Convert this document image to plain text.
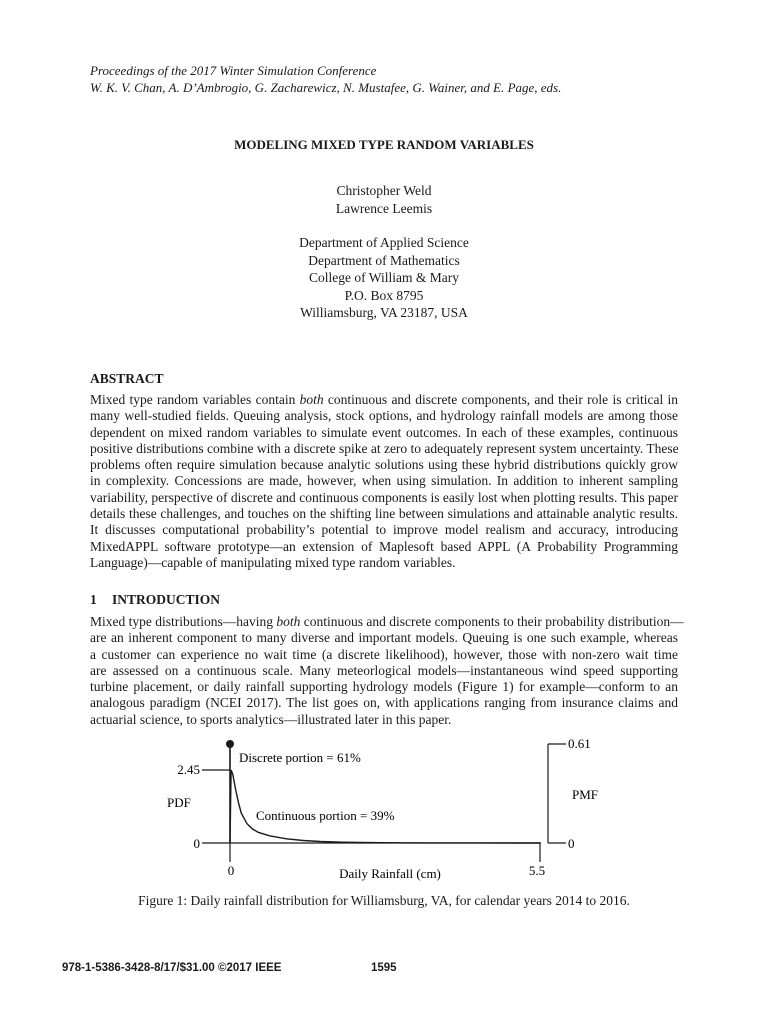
Proceedings of the 2017 Winter Simulation Conference
W. K. V. Chan, A. D’Ambrogio, G. Zacharewicz, N. Mustafee, G. Wainer, and E. Page, eds.
MODELING MIXED TYPE RANDOM VARIABLES
Christopher Weld
Lawrence Leemis
Department of Applied Science
Department of Mathematics
College of William & Mary
P.O. Box 8795
Williamsburg, VA 23187, USA
ABSTRACT
Mixed type random variables contain both continuous and discrete components, and their role is critical in
many well-studied fields. Queuing analysis, stock options, and hydrology rainfall models are among those
dependent on mixed random variables to simulate event outcomes. In each of these examples, continuous
positive distributions combine with a discrete spike at zero to adequately represent system uncertainty. These
problems often require simulation because analytic solutions using these hybrid distributions quickly grow
in complexity. Concessions are made, however, when using simulation. In addition to inherent sampling
variability, perspective of discrete and continuous components is easily lost when plotting results. This paper
details these challenges, and touches on the shifting line between simulations and attainable analytic results.
It discusses computational probability’s potential to improve model realism and accuracy, introducing
MixedAPPL software prototype—an extension of Maplesoft based APPL (A Probability Programming
Language)—capable of manipulating mixed type random variables.
1 INTRODUCTION
Mixed type distributions—having both continuous and discrete components to their probability distribution—
are an inherent component to many diverse and important models. Queuing is one such example, whereas
a customer can experience no wait time (a discrete likelihood), however, those with non-zero wait time
are assessed on a continuous scale. Many meteorlogical models—instantaneous wind speed supporting
turbine placement, or daily rainfall supporting hydrology models (Figure 1) for example—conform to an
analogous paradigm (NCEI 2017). The list goes on, with applications ranging from insurance claims and
actuarial science, to sports analytics—illustrated later in this paper.
2.45
0
0.61
0
PDF
PMF
0	5.5
Daily Rainfall (cm)
Discrete portion = 61%
Continuous portion = 39%
Figure 1: Daily rainfall distribution for Williamsburg, VA, for calendar years 2014 to 2016.
978-1-5386-3428-8/17/$31.00 ©2017 IEEE	1595
